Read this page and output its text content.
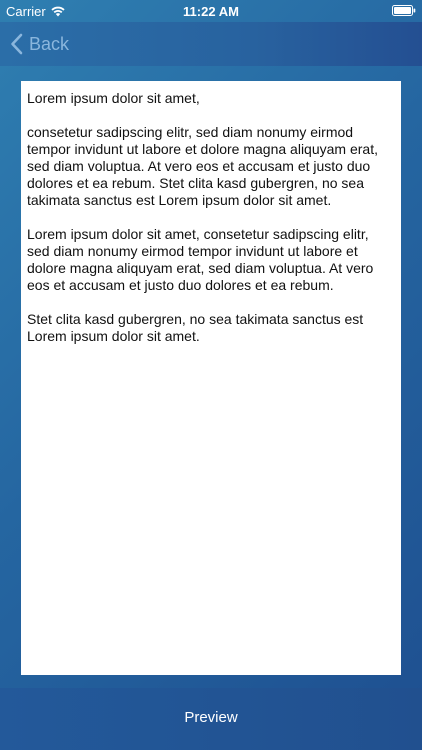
Carrier	11:22 AM
Back

Lorem ipsum dolor sit amet,

consetetur sadipscing elitr, sed diam nonumy eirmod tempor invidunt ut labore et dolore magna aliquyam erat, sed diam voluptua. At vero eos et accusam et justo duo dolores et ea rebum. Stet clita kasd gubergren, no sea takimata sanctus est Lorem ipsum dolor sit amet.

Lorem ipsum dolor sit amet, consetetur sadipscing elitr, sed diam nonumy eirmod tempor invidunt ut labore et dolore magna aliquyam erat, sed diam voluptua. At vero eos et accusam et justo duo dolores et ea rebum.

Stet clita kasd gubergren, no sea takimata sanctus est Lorem ipsum dolor sit amet.

Preview
